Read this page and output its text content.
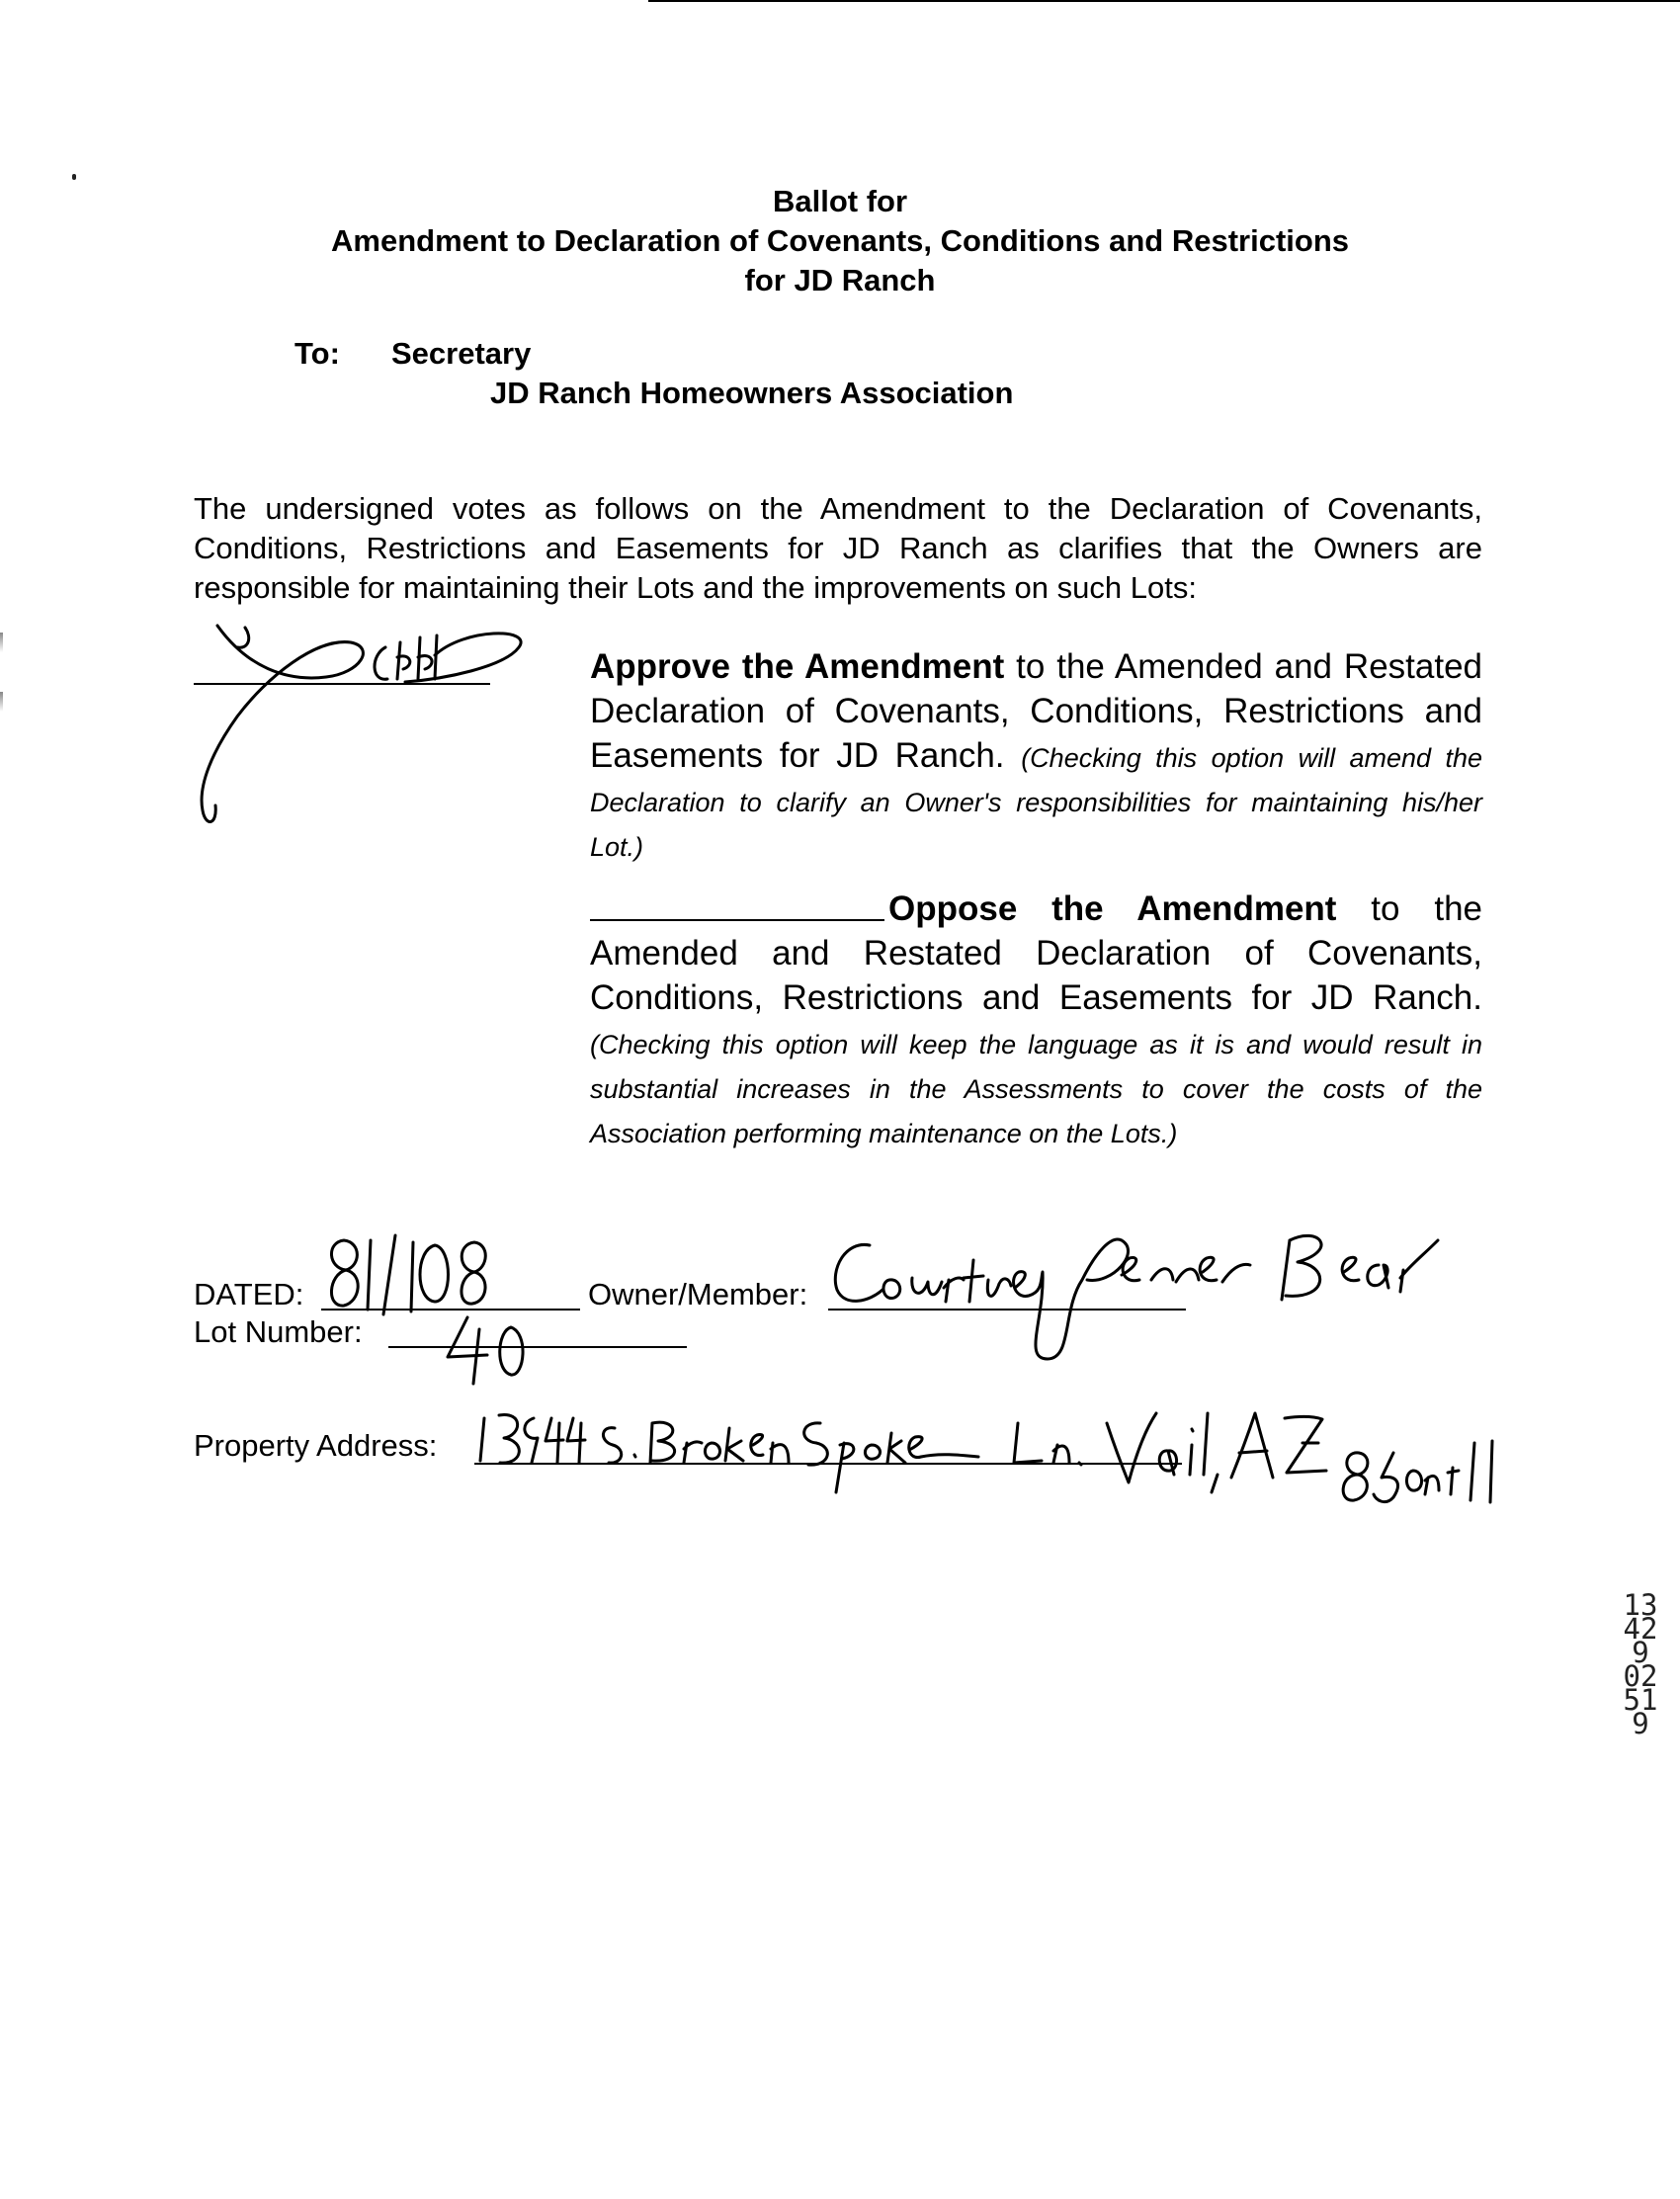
Ballot for
Amendment to Declaration of Covenants, Conditions and Restrictions
for JD Ranch
To: Secretary
JD Ranch Homeowners Association
The undersigned votes as follows on the Amendment to the Declaration of Covenants, Conditions, Restrictions and Easements for JD Ranch as clarifies that the Owners are responsible for maintaining their Lots and the improvements on such Lots:
Approve the Amendment to the Amended and Restated Declaration of Covenants, Conditions, Restrictions and Easements for JD Ranch. (Checking this option will amend the Declaration to clarify an Owner's responsibilities for maintaining his/her Lot.)
Oppose the Amendment to the Amended and Restated Declaration of Covenants, Conditions, Restrictions and Easements for JD Ranch. (Checking this option will keep the language as it is and would result in substantial increases in the Assessments to cover the costs of the Association performing maintenance on the Lots.)
DATED:	Owner/Member:
Lot Number:
Property Address:
13429 02519
